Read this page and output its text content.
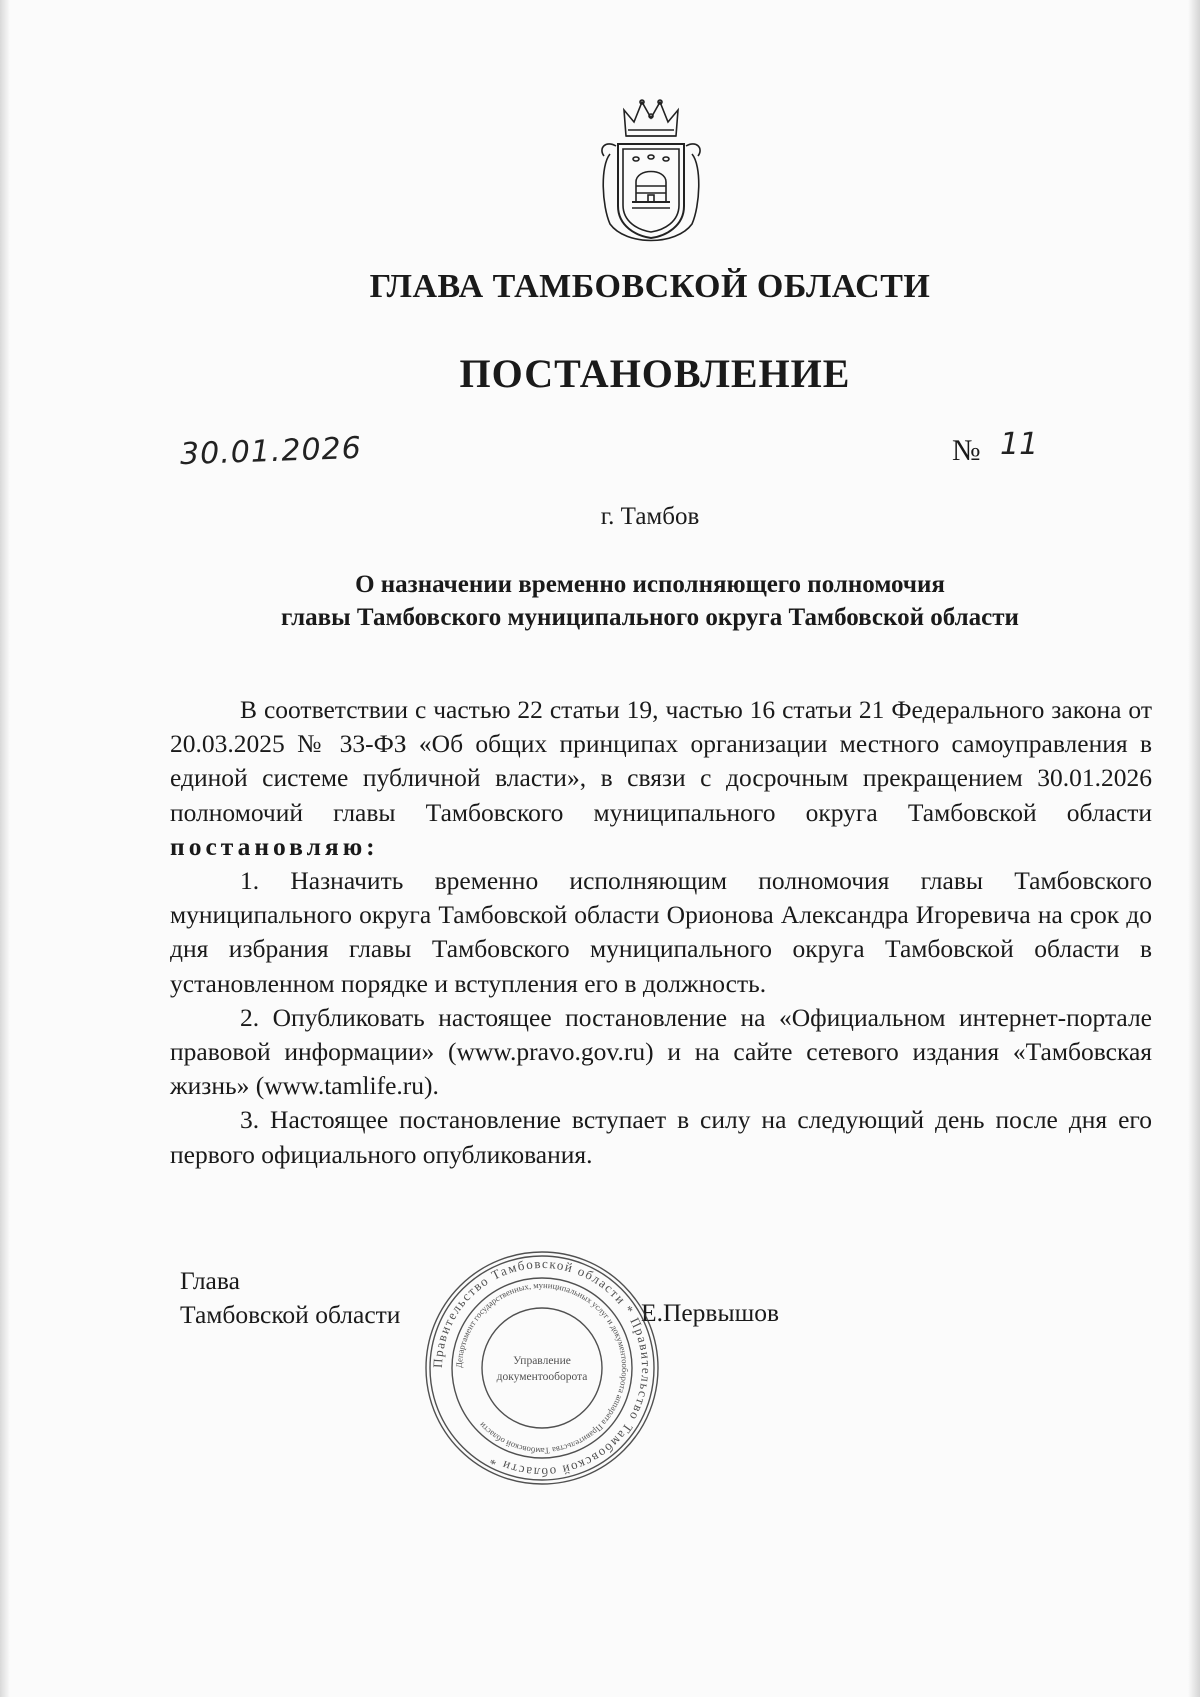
ГЛАВА ТАМБОВСКОЙ ОБЛАСТИ
ПОСТАНОВЛЕНИЕ
30.01.2026	№ 11
г. Тамбов
О назначении временно исполняющего полномочия
главы Тамбовского муниципального округа Тамбовской области

В соответствии с частью 22 статьи 19, частью 16 статьи 21 Федерального закона от 20.03.2025 № 33-ФЗ «Об общих принципах организации местного самоуправления в единой системе публичной власти», в связи с досрочным прекращением 30.01.2026 полномочий главы Тамбовского муниципального округа Тамбовской области постановляю:

1. Назначить временно исполняющим полномочия главы Тамбовского муниципального округа Тамбовской области Орионова Александра Игоревича на срок до дня избрания главы Тамбовского муниципального округа Тамбовской области в установленном порядке и вступления его в должность.

2. Опубликовать настоящее постановление на «Официальном интернет-портале правовой информации» (www.pravo.gov.ru) и на сайте сетевого издания «Тамбовская жизнь» (www.tamlife.ru).

3. Настоящее постановление вступает в силу на следующий день после дня его первого официального опубликования.

Глава
Тамбовской области	Е.Первышов
Правительство Тамбовской области * Правительство Тамбовской области *
Департамент государственных, муниципальных услуг и документооборота аппарата Правительства Тамбовской области
Управление
документооборота
